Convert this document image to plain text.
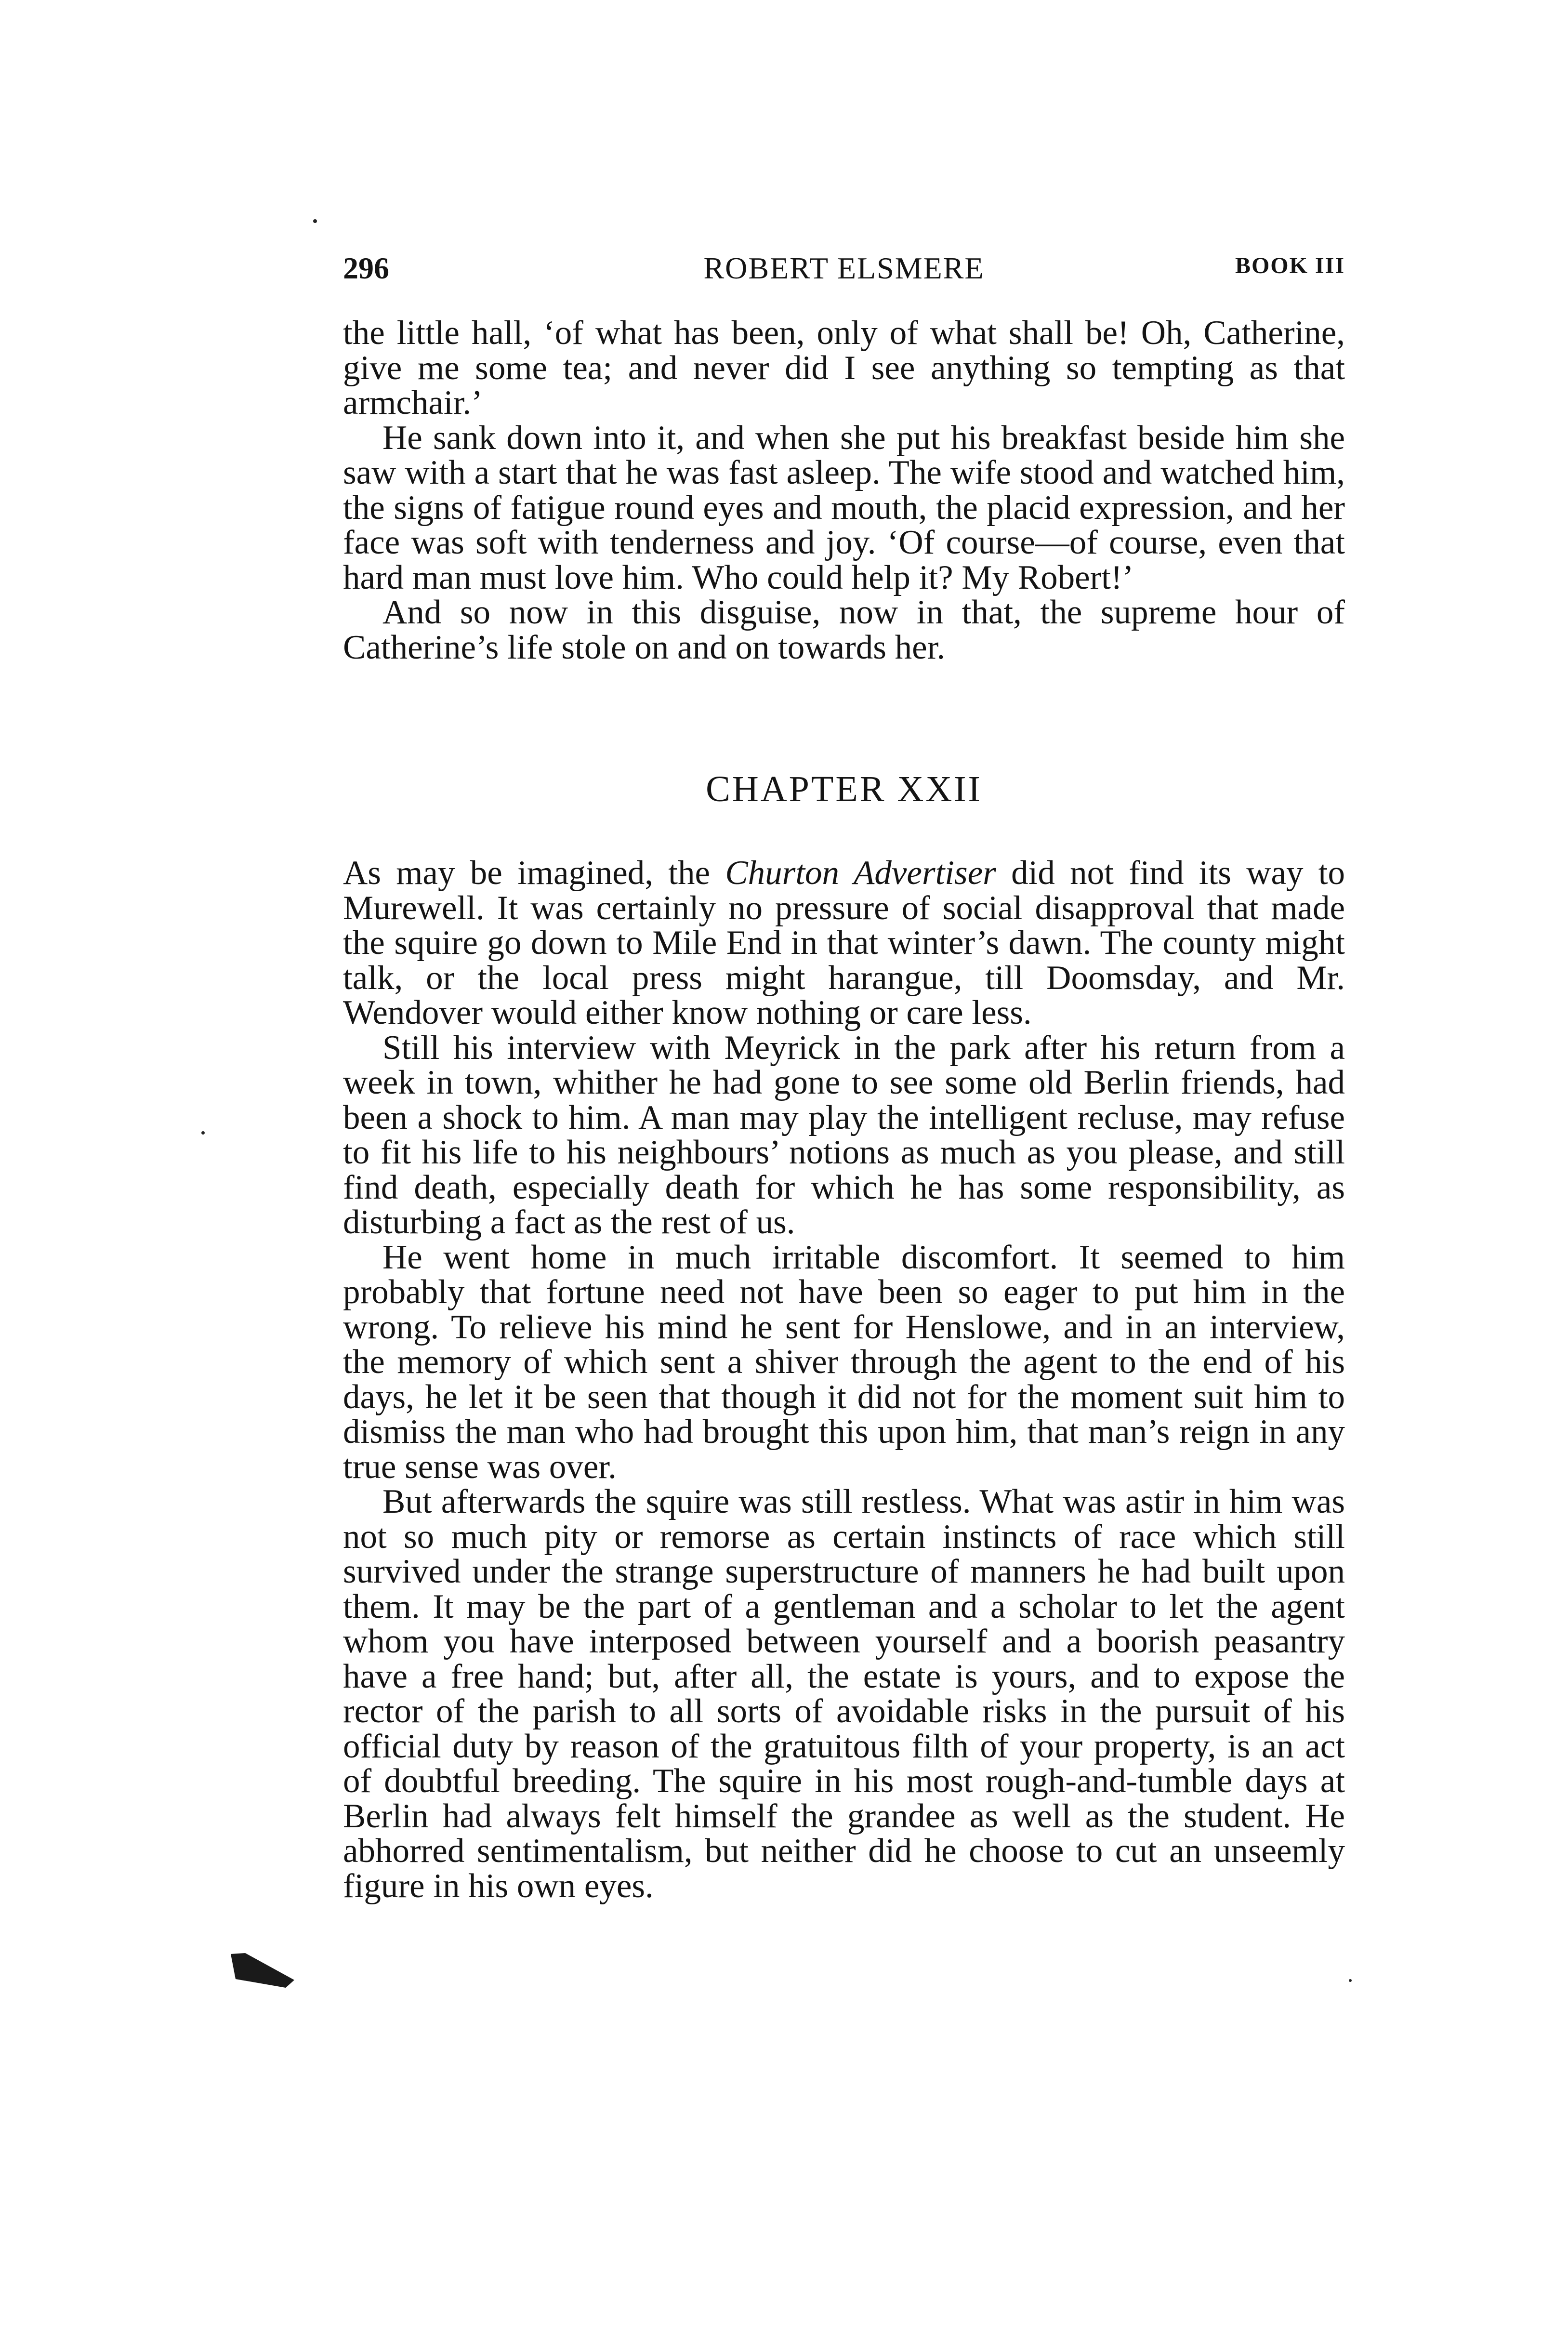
296	ROBERT ELSMERE	BOOK III

the little hall, ‘of what has been, only of what shall be! Oh, Catherine, give me some tea; and never did I see anything so tempting as that armchair.’

He sank down into it, and when she put his breakfast beside him she saw with a start that he was fast asleep. The wife stood and watched him, the signs of fatigue round eyes and mouth, the placid expression, and her face was soft with tenderness and joy. ‘Of course—of course, even that hard man must love him. Who could help it? My Robert!’

And so now in this disguise, now in that, the supreme hour of Catherine’s life stole on and on towards her.

CHAPTER XXII

As may be imagined, the Churton Advertiser did not find its way to Murewell. It was certainly no pressure of social disapproval that made the squire go down to Mile End in that winter’s dawn. The county might talk, or the local press might harangue, till Doomsday, and Mr. Wendover would either know nothing or care less.

Still his interview with Meyrick in the park after his return from a week in town, whither he had gone to see some old Berlin friends, had been a shock to him. A man may play the intelligent recluse, may refuse to fit his life to his neighbours’ notions as much as you please, and still find death, especially death for which he has some responsibility, as disturbing a fact as the rest of us.

He went home in much irritable discomfort. It seemed to him probably that fortune need not have been so eager to put him in the wrong. To relieve his mind he sent for Henslowe, and in an interview, the memory of which sent a shiver through the agent to the end of his days, he let it be seen that though it did not for the moment suit him to dismiss the man who had brought this upon him, that man’s reign in any true sense was over.

But afterwards the squire was still restless. What was astir in him was not so much pity or remorse as certain instincts of race which still survived under the strange superstructure of manners he had built upon them. It may be the part of a gentleman and a scholar to let the agent whom you have interposed between yourself and a boorish peasantry have a free hand; but, after all, the estate is yours, and to expose the rector of the parish to all sorts of avoidable risks in the pursuit of his official duty by reason of the gratuitous filth of your property, is an act of doubtful breeding. The squire in his most rough-and-tumble days at Berlin had always felt himself the grandee as well as the student. He abhorred sentimentalism, but neither did he choose to cut an unseemly figure in his own eyes.
